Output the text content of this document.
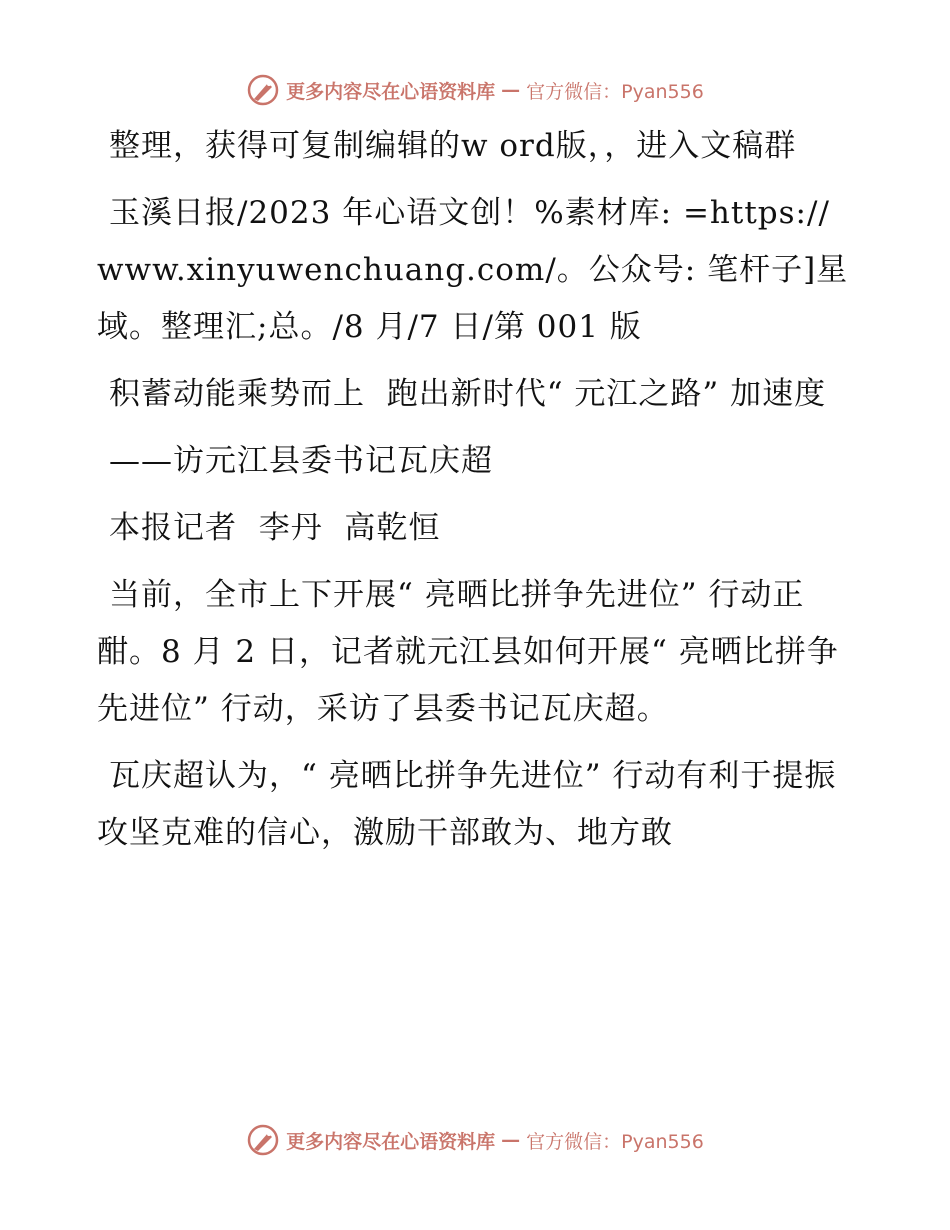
更多内容尽在心语资料库 — 官方微信：Pyan556

整理，获得可复制编辑的w ord版，，进入文稿群

玉溪日报/2023 年心语文创！%素材库: =https://www.xinyuwenchuang.com/。公众号: 笔杆子]星域。整理汇;总。/8 月/7 日/第 001 版

积蓄动能乘势而上  跑出新时代“ 元江之路” 加速度

——访元江县委书记瓦庆超

本报记者  李丹  高乾恒

当前，全市上下开展“ 亮晒比拼争先进位” 行动正酣。8 月 2 日，记者就元江县如何开展“ 亮晒比拼争先进位” 行动，采访了县委书记瓦庆超。

瓦庆超认为，“ 亮晒比拼争先进位” 行动有利于提振攻坚克难的信心，激励干部敢为、地方敢

更多内容尽在心语资料库 — 官方微信：Pyan556
